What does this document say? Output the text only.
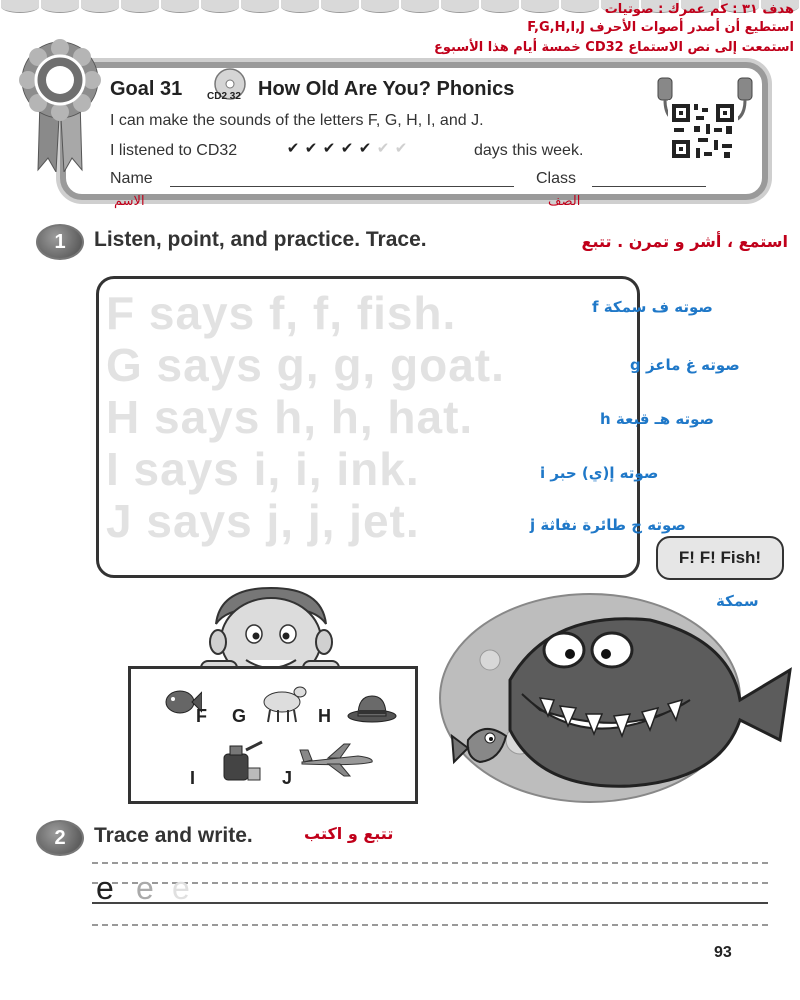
هدف ٣١ : كم عمرك : صوتيات
استطيع أن أصدر أصوات الأحرف F,G,H,I,J
استمعت إلى نص الاستماع CD32 خمسة أيام هذا الأسبوع
Goal 31 CD2 32 How Old Are You? Phonics
I can make the sounds of the letters F, G, H, I, and J.
I listened to CD32	✔ ✔ ✔ ✔ ✔ ✔ ✔	days this week.
Name	Class
الاسم	الصف
1	Listen, point, and practice. Trace.	استمع ، أشر و تمرن . تتبع
F says f, f, fish.
G says g, g, goat.
H says h, h, hat.
I says i, i, ink.
J says j, j, jet.
f صوته ف سمكة
g صوته غ ماعز
h صوته هـ قبعة
i صوته إ(ي) حبر
j صوته ج طائرة نفاثة
F! F! Fish!
سمكة
F G	H
I	J
2	Trace and write.	تتبع و اكتب
e e e
93
